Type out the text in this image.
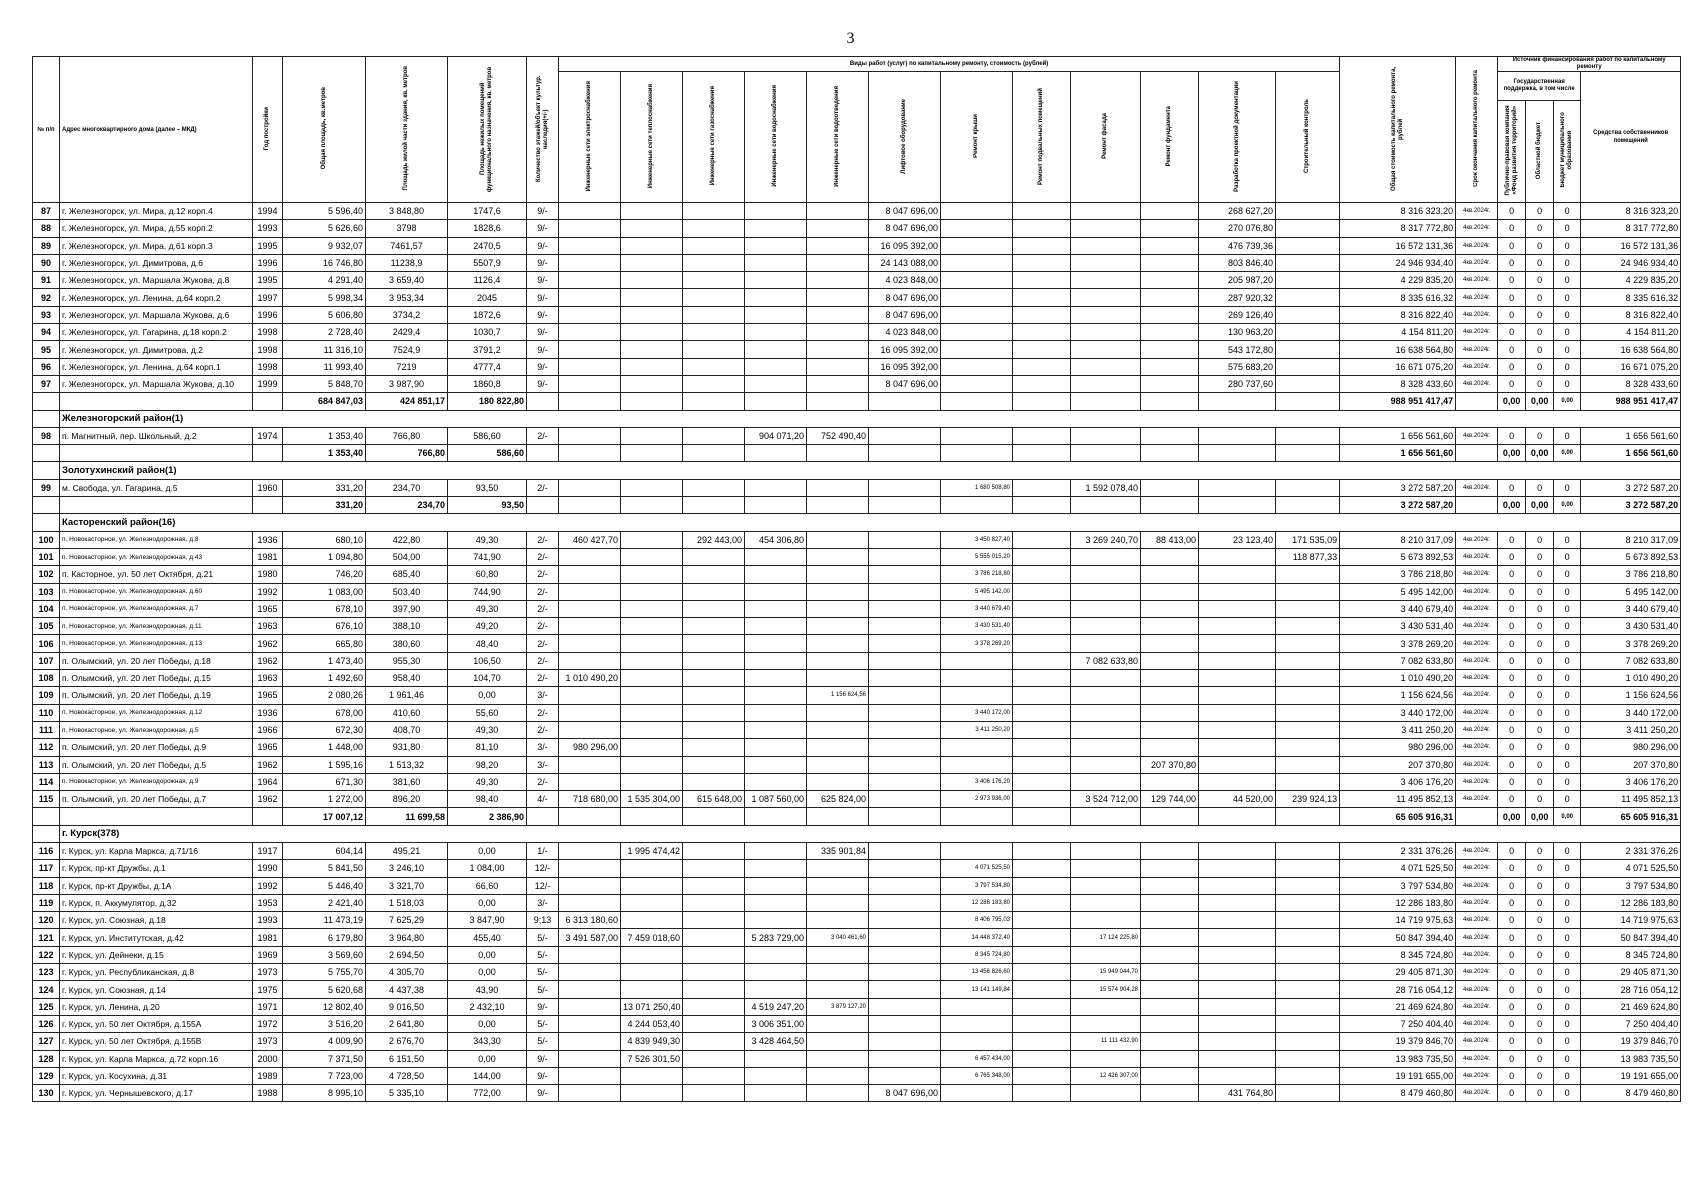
3
№ п/п	Адрес многоквартирного дома (далее – МКД)	Год постройки	Общая площадь, кв.метров	Площадь жилой части здания, кв. метров	Площадь нежилых помещений функционального назначения, кв. метров	Количество этажей/объект культур. наследия(+/-)	Виды работ (услуг) по капитальному ремонту, стоимость (рублей)												Общая стоимость капитального ремонта, рублей	Срок окончания капитального ремонта	Источник финансирования работ по капитальному ремонту			
							Инженерные сети электроснабжения	Инженерные сети теплоснабжения	Инженерные сети газоснабжения	Инженерные сети водоснабжения	Инженерные сети водоотведения	Лифтовое оборудование	Ремонт крыши	Ремонт подвальных помещений	Ремонт фасада	Ремонт фундамента	Разработка проектной документации	Строительный контроль			Государственная поддержка, в том числе			Средства собственников помещений
																					Публично-правовая компания «Фонд развития территорий»	Областной бюджет	Бюджет муниципального образования	
87	г. Железногорск, ул. Мира, д.12 корп.4	1994	5 596,40	3 848,80	1747,6	9/-						8 047 696,00					268 627,20		8 316 323,20	4кв.2024г.	0	0	0	8 316 323,20
88	г. Железногорск, ул. Мира, д.55 корп.2	1993	5 626,60	3798	1828,6	9/-						8 047 696,00					270 076,80		8 317 772,80	4кв.2024г.	0	0	0	8 317 772,80
89	г. Железногорск, ул. Мира, д.61 корп.3	1995	9 932,07	7461,57	2470,5	9/-						16 095 392,00					476 739,36		16 572 131,36	4кв.2024г.	0	0	0	16 572 131,36
90	г. Железногорск, ул. Димитрова, д.6	1996	16 746,80	11238,9	5507,9	9/-						24 143 088,00					803 846,40		24 946 934,40	4кв.2024г.	0	0	0	24 946 934,40
91	г. Железногорск, ул. Маршала Жукова, д.8	1995	4 291,40	3 659,40	1126,4	9/-						4 023 848,00					205 987,20		4 229 835,20	4кв.2024г.	0	0	0	4 229 835,20
92	г. Железногорск, ул. Ленина, д.64 корп.2	1997	5 998,34	3 953,34	2045	9/-						8 047 696,00					287 920,32		8 335 616,32	4кв.2024г.	0	0	0	8 335 616,32
93	г. Железногорск, ул. Маршала Жукова, д.6	1996	5 606,80	3734,2	1872,6	9/-						8 047 696,00					269 126,40		8 316 822,40	4кв.2024г.	0	0	0	8 316 822,40
94	г. Железногорск, ул. Гагарина, д.18 корп.2	1998	2 728,40	2429,4	1030,7	9/-						4 023 848,00					130 963,20		4 154 811,20	4кв.2024г.	0	0	0	4 154 811,20
95	г. Железногорск, ул. Димитрова, д.2	1998	11 316,10	7524,9	3791,2	9/-						16 095 392,00					543 172,80		16 638 564,80	4кв.2024г.	0	0	0	16 638 564,80
96	г. Железногорск, ул. Ленина, д.64 корп.1	1998	11 993,40	7219	4777,4	9/-						16 095 392,00					575 683,20		16 671 075,20	4кв.2024г.	0	0	0	16 671 075,20
97	г. Железногорск, ул. Маршала Жукова, д.10	1999	5 848,70	3 987,90	1860,8	9/-						8 047 696,00					280 737,60		8 328 433,60	4кв.2024г.	0	0	0	8 328 433,60
			684 847,03	424 851,17	180 822,80														988 951 417,47		0,00	0,00	0,00	988 951 417,47
	Железногорский район(1)																							
98	п. Магнитный, пер. Школьный, д.2	1974	1 353,40	766,80	586,60	2/-				904 071,20	752 490,40								1 656 561,60	4кв.2024г.	0	0	0	1 656 561,60
			1 353,40	766,80	586,60														1 656 561,60		0,00	0,00	0,00	1 656 561,60
	Золотухинский район(1)																							
99	м. Свобода, ул. Гагарина, д.5	1960	331,20	234,70	93,50	2/-							1 680 508,80		1 592 078,40				3 272 587,20	4кв.2024г.	0	0	0	3 272 587,20
			331,20	234,70	93,50														3 272 587,20		0,00	0,00	0,00	3 272 587,20
	Касторенский район(16)																							
100	п. Новокасторное, ул. Железнодорожная, д.8	1936	680,10	422,80	49,30	2/-	460 427,70		292 443,00	454 306,80			3 450 827,40		3 269 240,70	88 413,00	23 123,40	171 535,09	8 210 317,09	4кв.2024г.	0	0	0	8 210 317,09
101	п. Новокасторное, ул. Железнодорожная, д.43	1981	1 094,80	504,00	741,90	2/-							5 555 015,20					118 877,33	5 673 892,53	4кв.2024г.	0	0	0	5 673 892,53
102	п. Касторное, ул. 50 лет Октября, д.21	1980	746,20	685,40	60,80	2/-							3 786 218,80						3 786 218,80	4кв.2024г.	0	0	0	3 786 218,80
103	п. Новокасторное, ул. Железнодорожная, д.60	1992	1 083,00	503,40	744,90	2/-							5 495 142,00						5 495 142,00	4кв.2024г.	0	0	0	5 495 142,00
104	п. Новокасторное, ул. Железнодорожная, д.7	1965	678,10	397,90	49,30	2/-							3 440 679,40						3 440 679,40	4кв.2024г.	0	0	0	3 440 679,40
105	п. Новокасторное, ул. Железнодорожная, д.11	1963	676,10	388,10	49,20	2/-							3 430 531,40						3 430 531,40	4кв.2024г.	0	0	0	3 430 531,40
106	п. Новокасторное, ул. Железнодорожная, д.13	1962	665,80	380,60	48,40	2/-							3 378 269,20						3 378 269,20	4кв.2024г.	0	0	0	3 378 269,20
107	п. Олымский, ул. 20 лет Победы, д.18	1962	1 473,40	955,30	106,50	2/-									7 082 633,80				7 082 633,80	4кв.2024г.	0	0	0	7 082 633,80
108	п. Олымский, ул. 20 лет Победы, д.15	1963	1 492,60	958,40	104,70	2/-	1 010 490,20												1 010 490,20	4кв.2024г.	0	0	0	1 010 490,20
109	п. Олымский, ул. 20 лет Победы, д.19	1965	2 080,26	1 961,46	0,00	3/-					1 156 624,56								1 156 624,56	4кв.2024г.	0	0	0	1 156 624,56
110	п. Новокасторное, ул. Железнодорожная, д.12	1936	678,00	410,60	55,60	2/-							3 440 172,00						3 440 172,00	4кв.2024г.	0	0	0	3 440 172,00
111	п. Новокасторное, ул. Железнодорожная, д.5	1966	672,30	408,70	49,30	2/-							3 411 250,20						3 411 250,20	4кв.2024г.	0	0	0	3 411 250,20
112	п. Олымский, ул. 20 лет Победы, д.9	1965	1 448,00	931,80	81,10	3/-	980 296,00												980 296,00	4кв.2024г.	0	0	0	980 296,00
113	п. Олымский, ул. 20 лет Победы, д.5	1962	1 595,16	1 513,32	98,20	3/-										207 370,80			207 370,80	4кв.2024г.	0	0	0	207 370,80
114	п. Новокасторное, ул. Железнодорожная, д.9	1964	671,30	381,60	49,30	2/-							3 406 176,20						3 406 176,20	4кв.2024г.	0	0	0	3 406 176,20
115	п. Олымский, ул. 20 лет Победы, д.7	1962	1 272,00	896,20	98,40	4/-	718 680,00	1 535 304,00	615 648,00	1 087 560,00	625 824,00		2 973 936,00		3 524 712,00	129 744,00	44 520,00	239 924,13	11 495 852,13	4кв.2024г.	0	0	0	11 495 852,13
			17 007,12	11 699,58	2 386,90														65 605 916,31		0,00	0,00	0,00	65 605 916,31
	г. Курск(378)																							
116	г. Курск, ул. Карла Маркса, д.71/16	1917	604,14	495,21	0,00	1/-		1 995 474,42			335 901,84								2 331 376,26	4кв.2024г.	0	0	0	2 331 376,26
117	г. Курск, пр-кт Дружбы, д.1	1990	5 841,50	3 246,10	1 084,00	12/-							4 071 525,50						4 071 525,50	4кв.2024г.	0	0	0	4 071 525,50
118	г. Курск, пр-кт Дружбы, д.1А	1992	5 446,40	3 321,70	66,60	12/-							3 797 534,80						3 797 534,80	4кв.2024г.	0	0	0	3 797 534,80
119	г. Курск, п. Аккумулятор, д.32	1953	2 421,40	1 518,03	0,00	3/-							12 286 183,80						12 286 183,80	4кв.2024г.	0	0	0	12 286 183,80
120	г. Курск, ул. Союзная, д.18	1993	11 473,19	7 625,29	3 847,90	9;13	6 313 180,60						8 406 795,03						14 719 975,63	4кв.2024г.	0	0	0	14 719 975,63
121	г. Курск, ул. Институтская, д.42	1981	6 179,80	3 964,80	455,40	5/-	3 491 587,00	7 459 018,60		5 283 729,00	3 040 461,60		14 448 372,40		17 124 225,80				50 847 394,40	4кв.2024г.	0	0	0	50 847 394,40
122	г. Курск, ул. Дейнеки, д.15	1969	3 569,60	2 694,50	0,00	5/-							8 345 724,80						8 345 724,80	4кв.2024г.	0	0	0	8 345 724,80
123	г. Курск, ул. Республиканская, д.8	1973	5 755,70	4 305,70	0,00	5/-							13 456 826,60		15 949 044,70				29 405 871,30	4кв.2024г.	0	0	0	29 405 871,30
124	г. Курск, ул. Союзная, д.14	1975	5 620,68	4 437,38	43,90	5/-							13 141 149,84		15 574 904,28				28 716 054,12	4кв.2024г.	0	0	0	28 716 054,12
125	г. Курск, ул. Ленина, д.20	1971	12 802,40	9 016,50	2 432,10	9/-		13 071 250,40		4 519 247,20	3 879 127,20								21 469 624,80	4кв.2024г.	0	0	0	21 469 624,80
126	г. Курск, ул. 50 лет Октября, д.155А	1972	3 516,20	2 641,80	0,00	5/-		4 244 053,40		3 006 351,00									7 250 404,40	4кв.2024г.	0	0	0	7 250 404,40
127	г. Курск, ул. 50 лет Октября, д.155В	1973	4 009,90	2 676,70	343,30	5/-		4 839 949,30		3 428 464,50					11 111 432,90				19 379 846,70	4кв.2024г.	0	0	0	19 379 846,70
128	г. Курск, ул. Карла Маркса, д.72 корп.16	2000	7 371,50	6 151,50	0,00	9/-		7 526 301,50					6 457 434,00						13 983 735,50	4кв.2024г.	0	0	0	13 983 735,50
129	г. Курск, ул. Косухина, д.31	1989	7 723,00	4 728,50	144,00	9/-							6 765 348,00		12 426 307,00				19 191 655,00	4кв.2024г.	0	0	0	19 191 655,00
130	г. Курск, ул. Чернышевского, д.17	1988	8 995,10	5 335,10	772,00	9/-						8 047 696,00					431 764,80		8 479 460,80	4кв.2024г.	0	0	0	8 479 460,80
